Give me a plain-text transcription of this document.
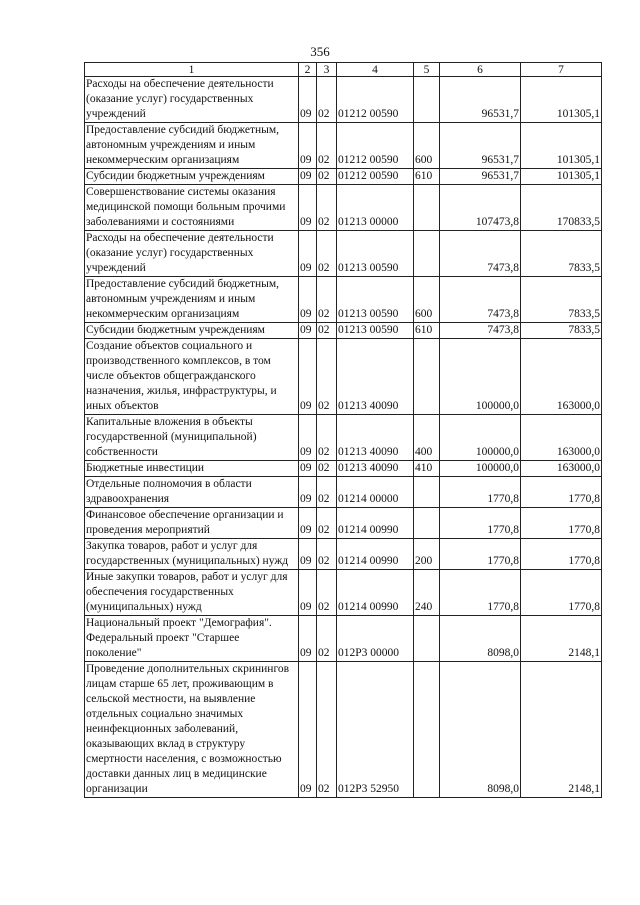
356
1	2	3	4	5	6	7
Расходы на обеспечение деятельности (оказание услуг) государственных учреждений	09	02	01212 00590		96531,7	101305,1
Предоставление субсидий бюджетным, автономным учреждениям и иным некоммерческим организациям	09	02	01212 00590	600	96531,7	101305,1
Субсидии бюджетным учреждениям	09	02	01212 00590	610	96531,7	101305,1
Совершенствование системы оказания медицинской помощи больным прочими заболеваниями и состояниями	09	02	01213 00000		107473,8	170833,5
Расходы на обеспечение деятельности (оказание услуг) государственных учреждений	09	02	01213 00590		7473,8	7833,5
Предоставление субсидий бюджетным, автономным учреждениям и иным некоммерческим организациям	09	02	01213 00590	600	7473,8	7833,5
Субсидии бюджетным учреждениям	09	02	01213 00590	610	7473,8	7833,5
Создание объектов социального и производственного комплексов, в том числе объектов общегражданского назначения, жилья, инфраструктуры, и иных объектов	09	02	01213 40090		100000,0	163000,0
Капитальные вложения в объекты государственной (муниципальной) собственности	09	02	01213 40090	400	100000,0	163000,0
Бюджетные инвестиции	09	02	01213 40090	410	100000,0	163000,0
Отдельные полномочия в области здравоохранения	09	02	01214 00000		1770,8	1770,8
Финансовое обеспечение организации и проведения мероприятий	09	02	01214 00990		1770,8	1770,8
Закупка товаров, работ и услуг для государственных (муниципальных) нужд	09	02	01214 00990	200	1770,8	1770,8
Иные закупки товаров, работ и услуг для обеспечения государственных (муниципальных) нужд	09	02	01214 00990	240	1770,8	1770,8
Национальный проект "Демография". Федеральный проект "Старшее поколение"	09	02	012P3 00000		8098,0	2148,1
Проведение дополнительных скринингов лицам старше 65 лет, проживающим в сельской местности, на выявление отдельных социально значимых неинфекционных заболеваний, оказывающих вклад в структуру смертности населения, с возможностью доставки данных лиц в медицинские организации	09	02	012P3 52950		8098,0	2148,1
